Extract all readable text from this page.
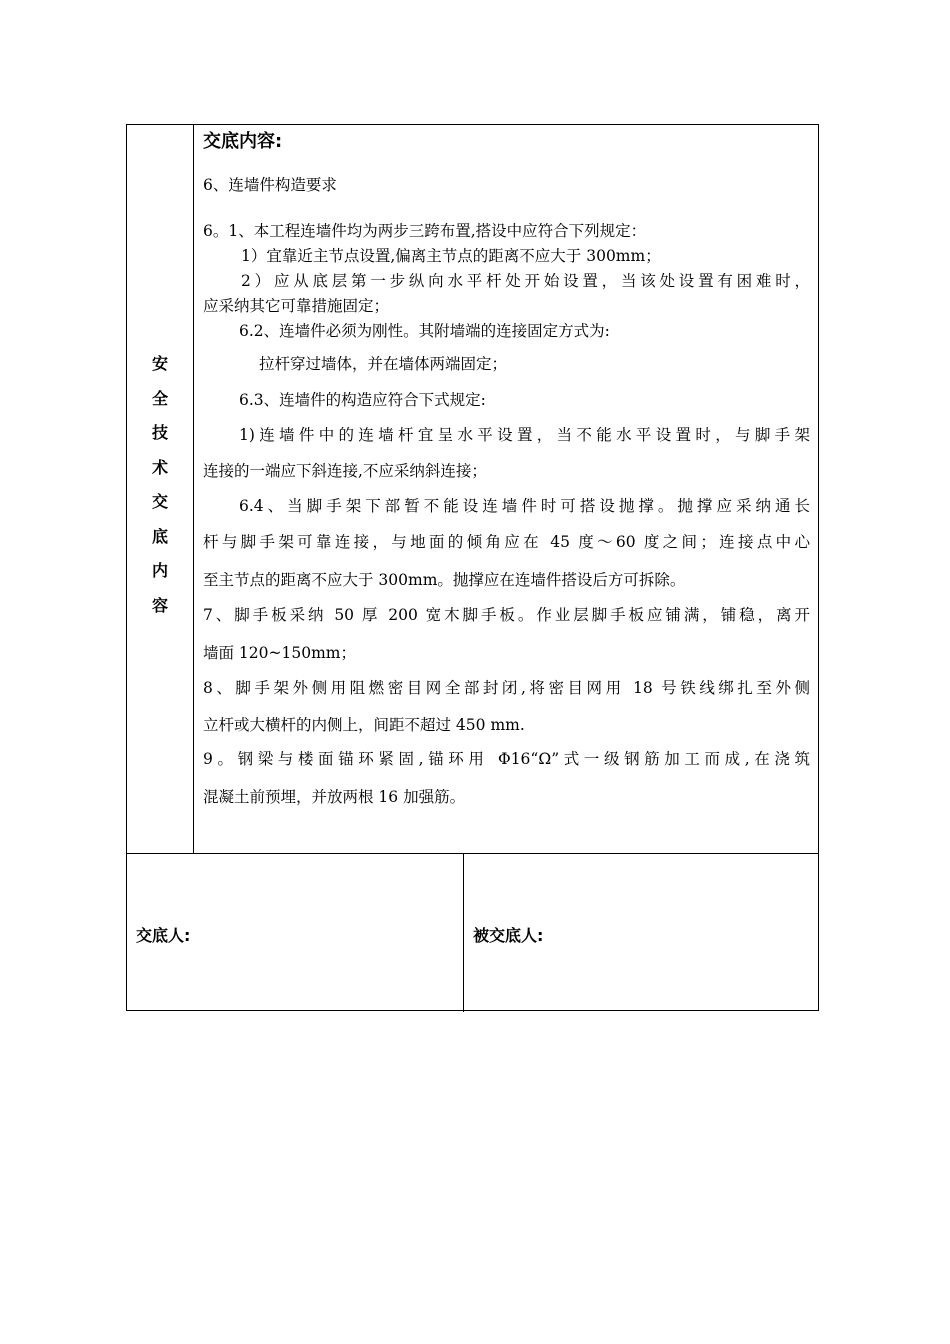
安
全
技
术
交
底
内
容
交底内容:
6、连墙件构造要求
6。1、本工程连墙件均为两步三跨布置,搭设中应符合下列规定：
1）宜靠近主节点设置,偏离主节点的距离不应大于 300mm；
2）应从底层第一步纵向水平杆处开始设置，当该处设置有困难时，
应采纳其它可靠措施固定；
6.2、连墙件必须为刚性。其附墙端的连接固定方式为:
拉杆穿过墙体，并在墙体两端固定；
6.3、连墙件的构造应符合下式规定:
1)连墙件中的连墙杆宜呈水平设置，当不能水平设置时，与脚手架
连接的一端应下斜连接,不应采纳斜连接；
6.4、当脚手架下部暂不能设连墙件时可搭设抛撑。抛撑应采纳通长
杆与脚手架可靠连接，与地面的倾角应在 45 度～60 度之间；连接点中心
至主节点的距离不应大于 300mm。抛撑应在连墙件搭设后方可拆除。
7、脚手板采纳 50 厚 200 宽木脚手板。作业层脚手板应铺满，铺稳，离开
墙面 120~150mm；
8、脚手架外侧用阻燃密目网全部封闭,将密目网用 18 号铁线绑扎至外侧
立杆或大横杆的内侧上，间距不超过 450 mm.
9。钢梁与楼面锚环紧固,锚环用 Φ16“Ω”式一级钢筋加工而成,在浇筑
混凝土前预埋，并放两根 16 加强筋。
交底人:	被交底人:
